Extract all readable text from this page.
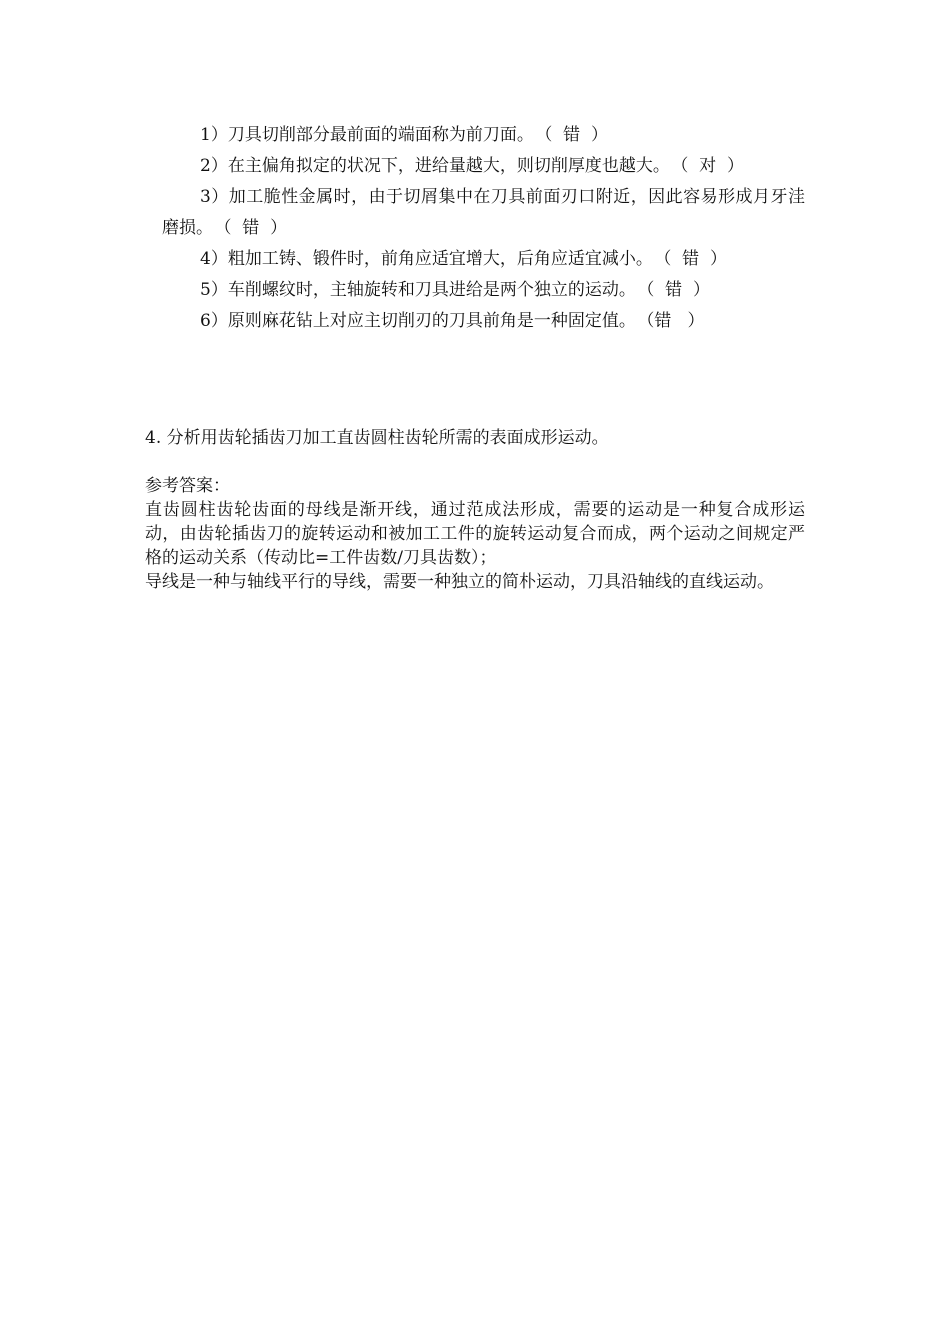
1）刀具切削部分最前面的端面称为前刀面。 （  错  ）
2）在主偏角拟定的状况下，进给量越大，则切削厚度也越大。 （  对  ）
3）加工脆性金属时，由于切屑集中在刀具前面刃口附近，因此容易形成月牙洼磨损。 （  错  ）
4）粗加工铸、锻件时，前角应适宜增大，后角应适宜减小。 （  错  ）
5）车削螺纹时，主轴旋转和刀具进给是两个独立的运动。 （  错  ）
6）原则麻花钻上对应主切削刃的刀具前角是一种固定值。 （错   ）
4. 分析用齿轮插齿刀加工直齿圆柱齿轮所需的表面成形运动。

参考答案：

直齿圆柱齿轮齿面的母线是渐开线，通过范成法形成，需要的运动是一种复合成形运动，由齿轮插齿刀的旋转运动和被加工工件的旋转运动复合而成，两个运动之间规定严格的运动关系（传动比=工件齿数/刀具齿数）；

导线是一种与轴线平行的导线，需要一种独立的简朴运动，刀具沿轴线的直线运动。
